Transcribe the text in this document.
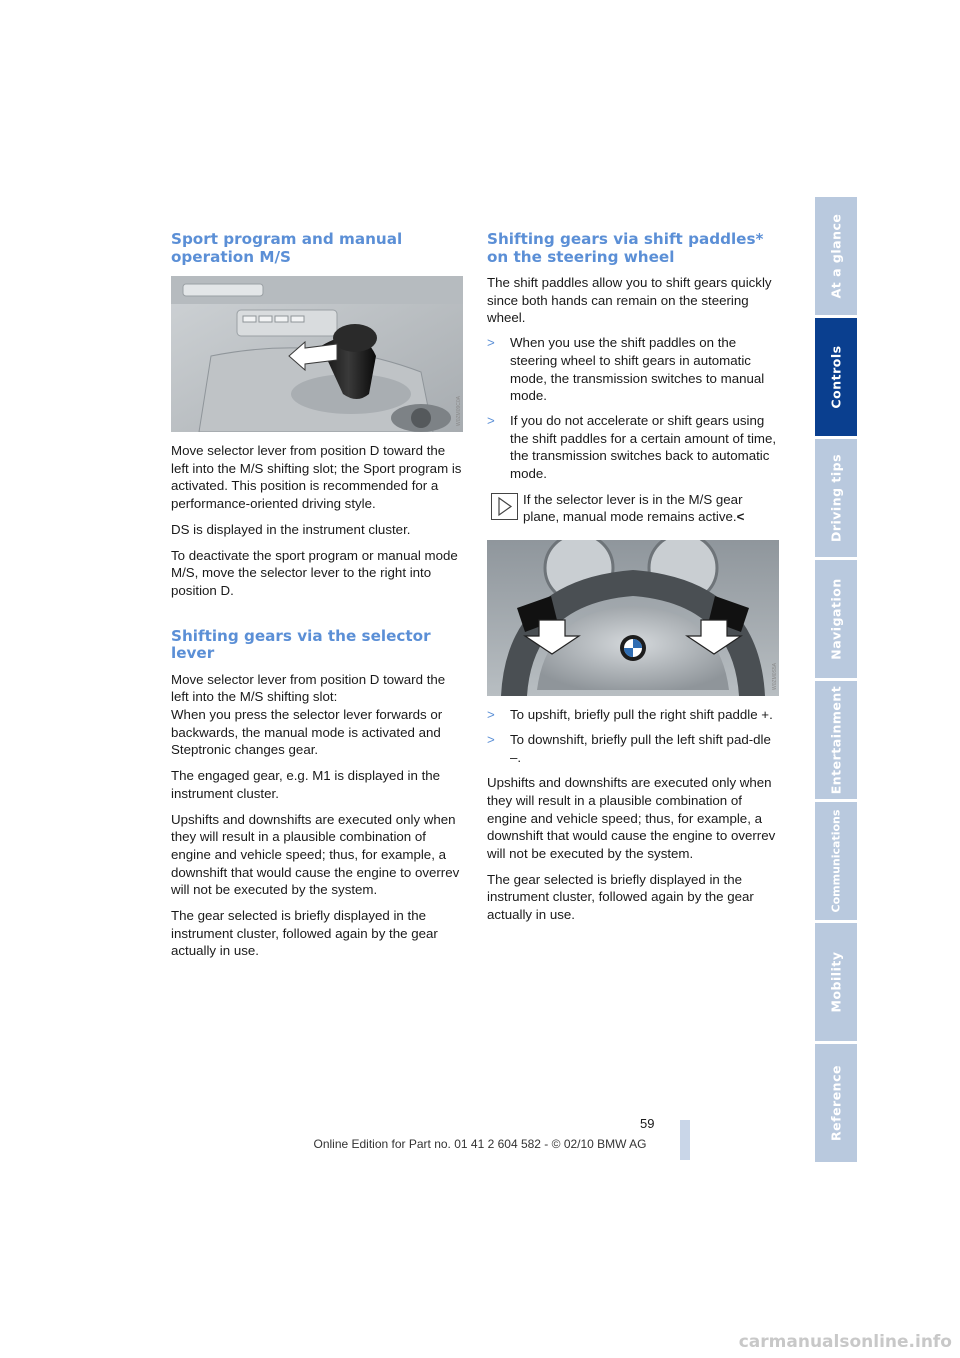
Sport program and manual operation M/S
W0ZM09C0A

Move selector lever from position D toward the left into the M/S shifting slot; the Sport program is activated. This position is recommended for a performance-oriented driving style.

DS is displayed in the instrument cluster.

To deactivate the sport program or manual mode M/S, move the selector lever to the right into position D.

Shifting gears via the selector lever

Move selector lever from position D toward the left into the M/S shifting slot:
When you press the selector lever forwards or backwards, the manual mode is activated and Steptronic changes gear.

The engaged gear, e.g. M1 is displayed in the instrument cluster.

Upshifts and downshifts are executed only when they will result in a plausible combination of engine and vehicle speed; thus, for example, a downshift that would cause the engine to overrev will not be executed by the system.

The gear selected is briefly displayed in the instrument cluster, followed again by the gear actually in use.

Shifting gears via shift paddles* on the steering wheel

The shift paddles allow you to shift gears quickly since both hands can remain on the steering wheel.

> When you use the shift paddles on the steering wheel to shift gears in automatic mode, the transmission switches to manual mode.
> If you do not accelerate or shift gears using the shift paddles for a certain amount of time, the transmission switches back to automatic mode.
If the selector lever is in the M/S gear plane, manual mode remains active.<
W0ZM0S5A
> To upshift, briefly pull the right shift paddle +.
> To downshift, briefly pull the left shift pad-dle –.

Upshifts and downshifts are executed only when they will result in a plausible combination of engine and vehicle speed; thus, for example, a downshift that would cause the engine to overrev will not be executed by the system.

The gear selected is briefly displayed in the instrument cluster, followed again by the gear actually in use.

At a glance
Controls
Driving tips
Navigation
Entertainment
Communications
Mobility
Reference
59
Online Edition for Part no. 01 41 2 604 582 - © 02/10 BMW AG
carmanualsonline.info
